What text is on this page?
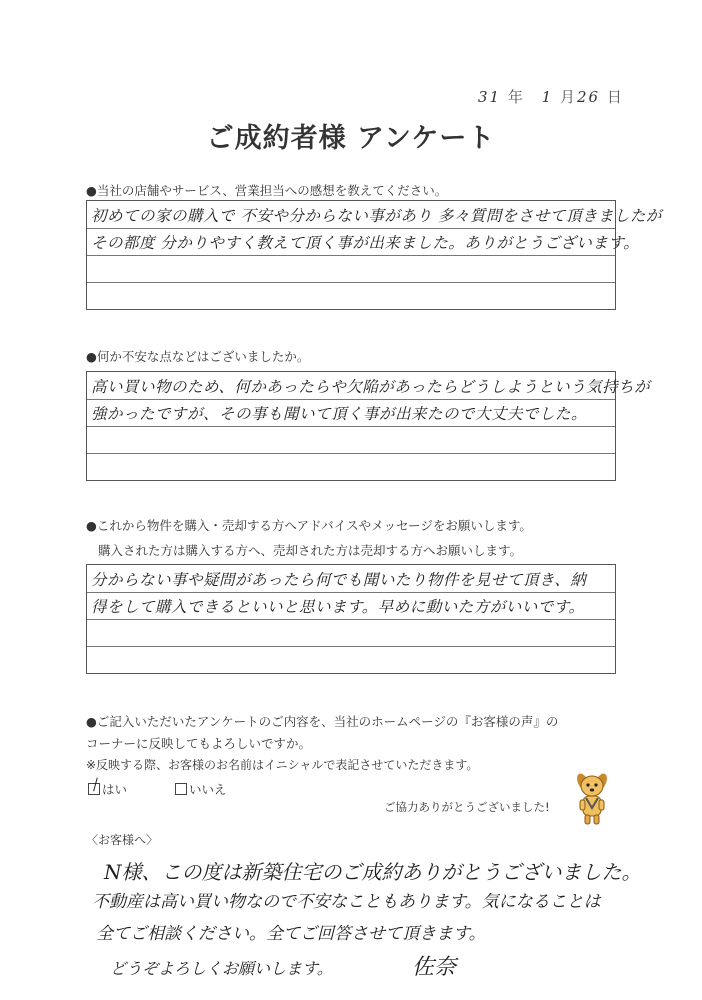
31 年 1 月26 日
ご成約者様 アンケート
●当社の店舗やサービス、営業担当への感想を教えてください。
初めての家の購入で 不安や分からない事があり 多々質問をさせて頂きましたが
その都度 分かりやすく教えて頂く事が出来ました。ありがとうございます。
●何か不安な点などはございましたか。
高い買い物のため、何かあったらや欠陥があったらどうしようという気持ちが
強かったですが、その事も聞いて頂く事が出来たので大丈夫でした。
●これから物件を購入・売却する方へアドバイスやメッセージをお願いします。
購入された方は購入する方へ、売却された方は売却する方へお願いします。
分からない事や疑問があったら何でも聞いたり物件を見せて頂き、納
得をして購入できるといいと思います。早めに動いた方がいいです。
●ご記入いただいたアンケートのご内容を、当社のホームページの『お客様の声』の
コーナーに反映してもよろしいですか。
※反映する際、お客様のお名前はイニシャルで表記させていただきます。
はい	いいえ
ご協力ありがとうございました!
〈お客様へ〉
N様、この度は新築住宅のご成約ありがとうございました。
不動産は高い買い物なので不安なこともあります。気になることは
全てご相談ください。全てご回答させて頂きます。
どうぞよろしくお願いします。	佐奈
